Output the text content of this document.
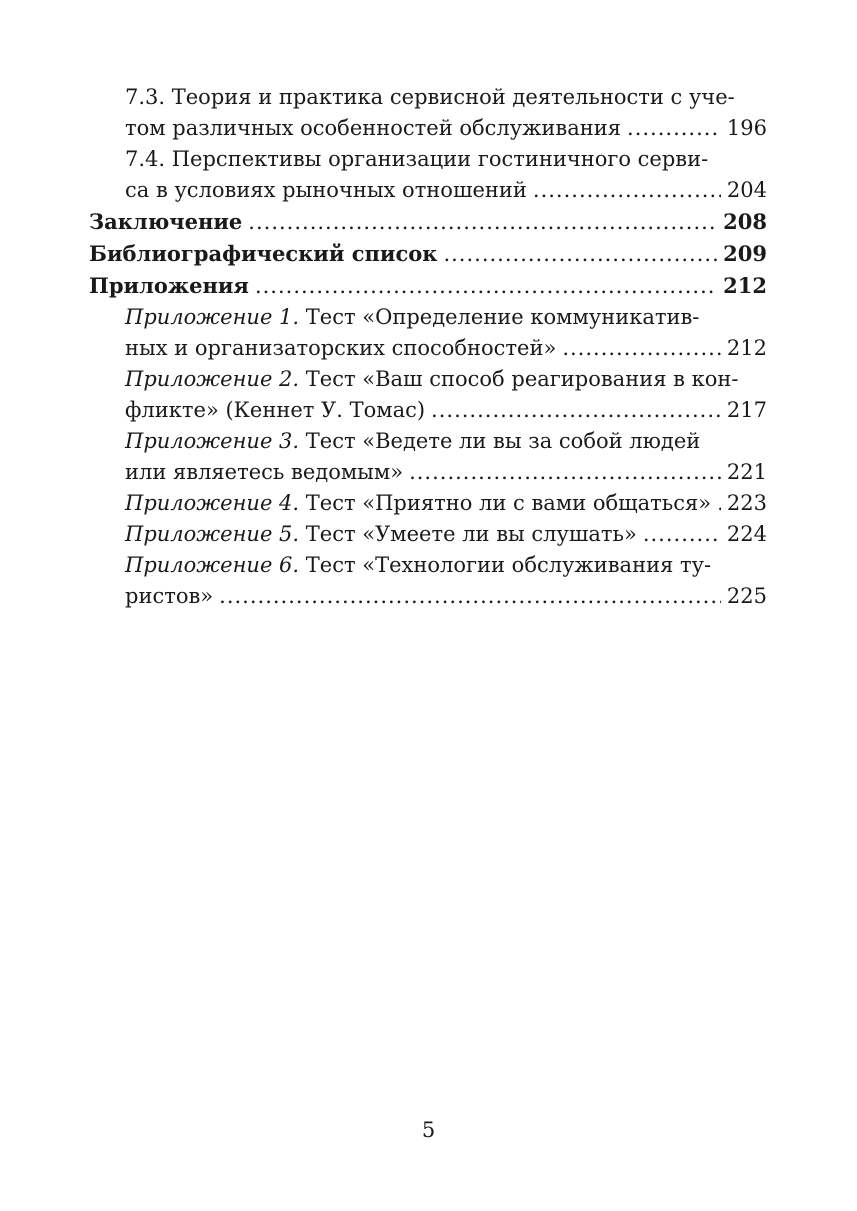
7.3. Теория и практика сервисной деятельности с уче-
том различных особенностей обслуживания .....	196
7.4. Перспективы организации гостиничного серви-
са в условиях рыночных отношений .....	204
Заключение .....	208
Библиографический список .....	209
Приложения .....	212
Приложение 1. Тест «Определение коммуникатив-
ных и организаторских способностей» .....	212
Приложение 2. Тест «Ваш способ реагирования в кон-
фликте» (Кеннет У. Томас) .....	217
Приложение 3. Тест «Ведете ли вы за собой людей
или являетесь ведомым» .....	221
Приложение 4. Тест «Приятно ли с вами общаться» ..... 223
Приложение 5. Тест «Умеете ли вы слушать» .....	224
Приложение 6. Тест «Технологии обслуживания ту-
ристов» .....	225
5
